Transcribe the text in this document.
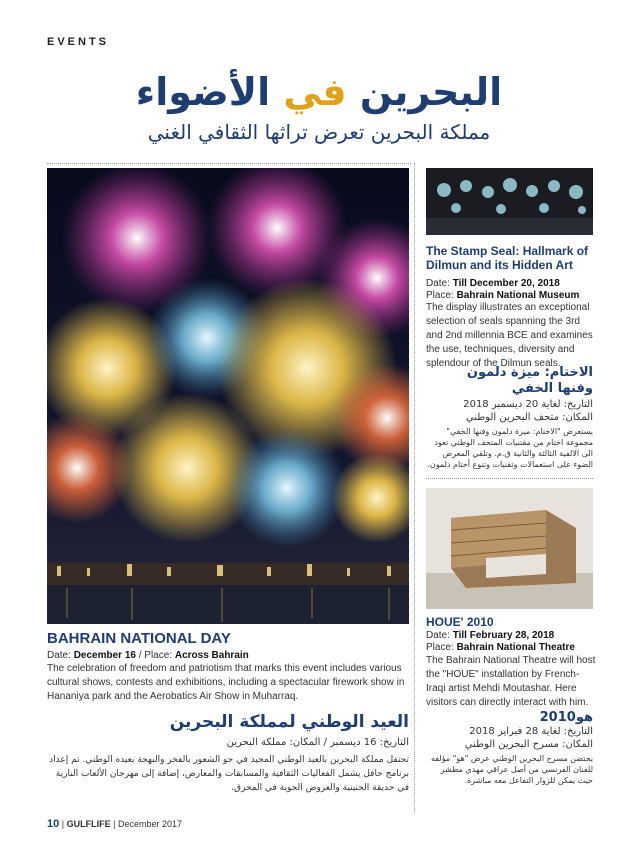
EVENTS
البحرين في الأضواء
مملكة البحرين تعرض تراثها الثقافي الغني
BAHRAIN NATIONAL DAY
Date: December 16 / Place: Across Bahrain
The celebration of freedom and patriotism that marks this event includes various cultural shows, contests and exhibitions, including a spectacular firework show in Hananiya park and the Aerobatics Air Show in Muharraq.
العيد الوطني لمملكة البحرين
التاريخ: 16 ديسمبر / المكان: مملكة البحرين
تحتفل مملكة البحرين بالعيد الوطني المجيد في جو الشعور بالفخر والبهجة بعيده الوطني. تم إعداد برنامج حافل يشمل الفعاليات الثقافية والمسابقات والمعارض، إضافة إلى مهرجان الألعاب النارية في حديقة الحنينية والعروض الجوية في المحرق.
The Stamp Seal: Hallmark of Dilmun and its Hidden Art
Date: Till December 20, 2018
Place: Bahrain National Museum
The display illustrates an exceptional selection of seals spanning the 3rd and 2nd millennia BCE and examines the use, techniques, diversity and splendour of the Dilmun seals.
الاختام: ميزة دلمون
وفنها الخفي
التاريخ: لغاية 20 ديسمبر 2018
المكان: متحف البحرين الوطني
يستعرض "الاختام: ميزة دلمون وفنها الخفي" مجموعة اختام من مقتنيات المتحف الوطني تعود الى الالفية الثالثة والثانية ق.م. وتلقي المعرض الضوء على استعمالات وتقنيات وتنوع أختام دلمون.
HOUE' 2010
Date: Till February 28, 2018
Place: Bahrain National Theatre
The Bahrain National Theatre will host the "HOUE" installation by French-Iraqi artist Mehdi Moutashar. Here visitors can directly interact with him.
هو2010
التاريخ: لغاية 28 فبراير 2018
المكان: مسرح البحرين الوطني
يحتضن مسرح البحرين الوطني عرض "هو" مؤلفه للفنان الفرنسي من أصل عراقي مهدي مطشر حيث يمكن للزوار التفاعل معه مباشرة.
10 | GULFLIFE | December 2017
